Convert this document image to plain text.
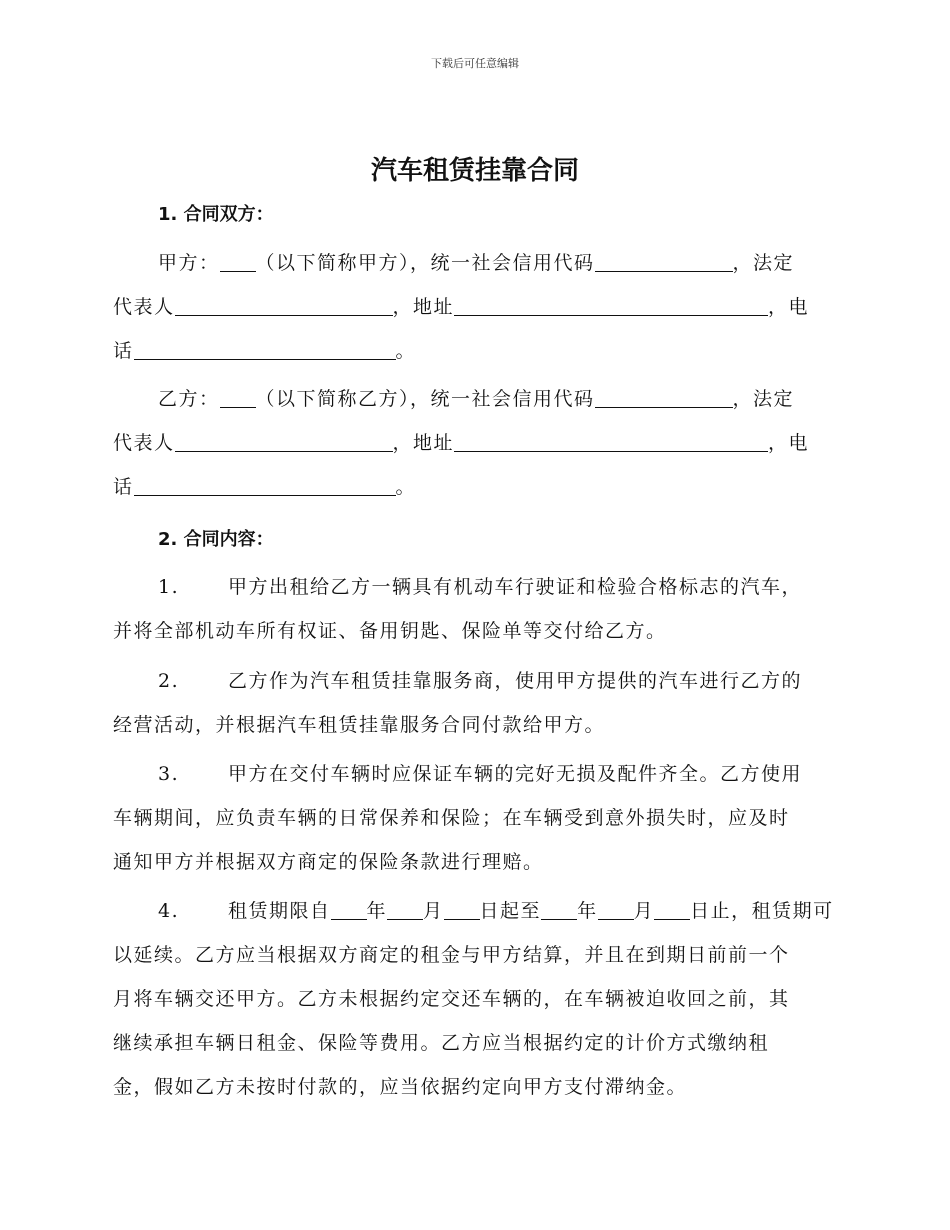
下载后可任意编辑
汽车租赁挂靠合同
1. 合同双方：
甲方： （以下简称甲方），统一社会信用代码	，法定
代表人	，地址	，电
话	。
乙方： （以下简称乙方），统一社会信用代码	，法定
代表人	，地址	，电
话	。
2. 合同内容：
1.	甲方出租给乙方一辆具有机动车行驶证和检验合格标志的汽车，
并将全部机动车所有权证、备用钥匙、保险单等交付给乙方。
2.	乙方作为汽车租赁挂靠服务商，使用甲方提供的汽车进行乙方的
经营活动，并根据汽车租赁挂靠服务合同付款给甲方。
3.	甲方在交付车辆时应保证车辆的完好无损及配件齐全。乙方使用
车辆期间，应负责车辆的日常保养和保险；在车辆受到意外损失时，应及时
通知甲方并根据双方商定的保险条款进行理赔。
4.	租赁期限自 年 月 日起至 年 月 日止，租赁期可
以延续。乙方应当根据双方商定的租金与甲方结算，并且在到期日前前一个
月将车辆交还甲方。乙方未根据约定交还车辆的，在车辆被迫收回之前，其
继续承担车辆日租金、保险等费用。乙方应当根据约定的计价方式缴纳租
金，假如乙方未按时付款的，应当依据约定向甲方支付滞纳金。
